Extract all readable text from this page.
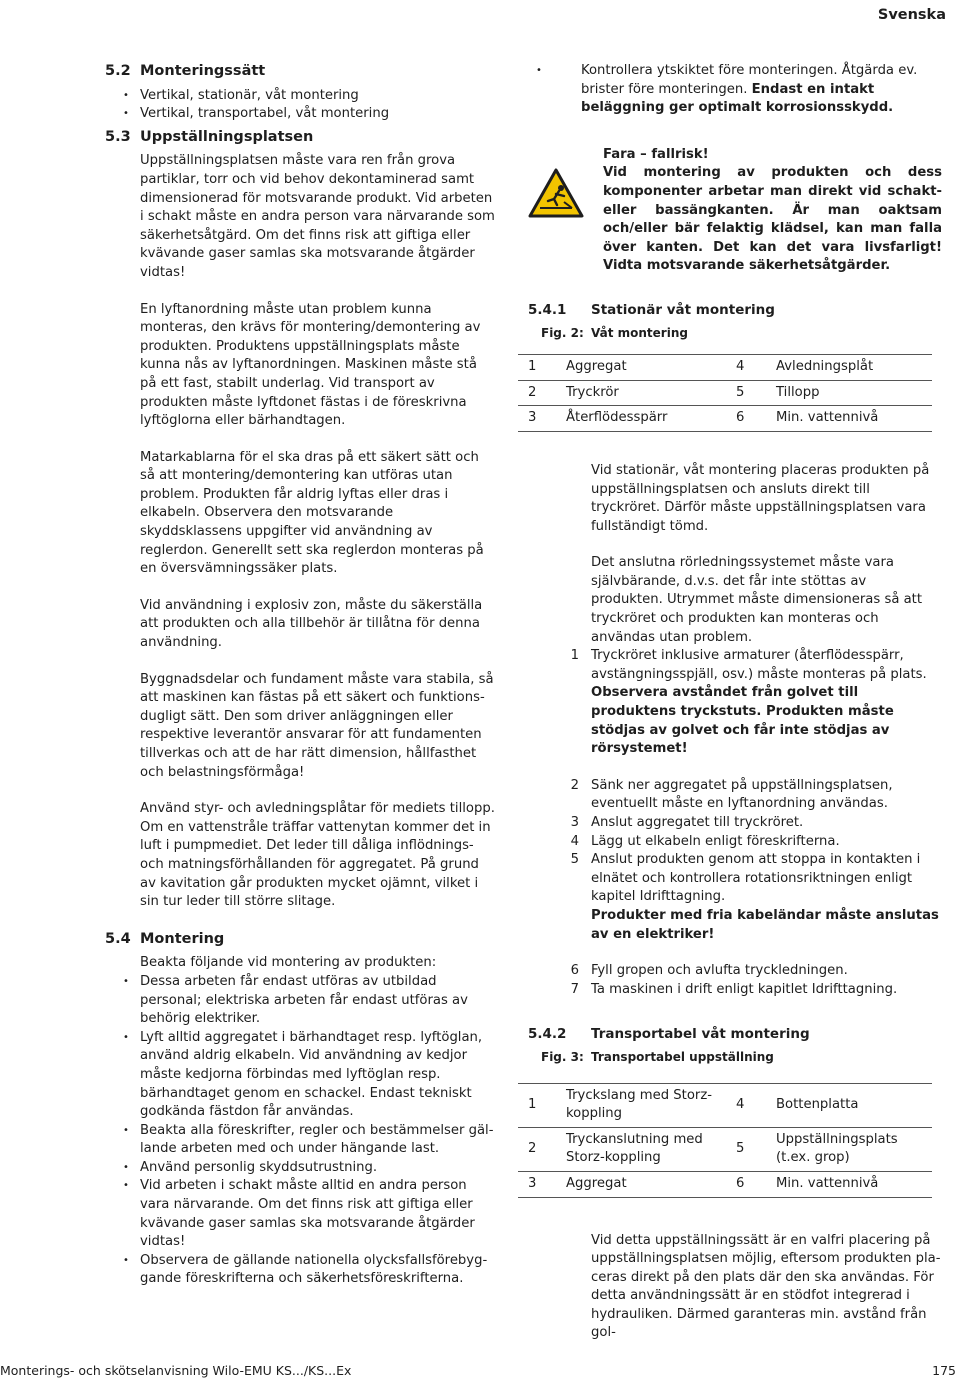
Svenska
5.2 Monteringssätt
• Vertikal, stationär, våt montering
• Vertikal, transportabel, våt montering
5.3 Uppställningsplatsen

Uppställningsplatsen måste vara ren från grova partiklar, torr och vid behov dekontaminerad samt dimensionerad för motsvarande produkt. Vid arbeten i schakt måste en andra person vara närvarande som säkerhetsåtgärd. Om det finns risk att giftiga eller kvävande gaser samlas ska motsvarande åtgärder vidtas!

En lyftanordning måste utan problem kunna monteras, den krävs för montering/demontering av produkten. Produktens uppställningsplats måste kunna nås av lyftanordningen. Maskinen måste stå på ett fast, stabilt underlag. Vid transport av produkten måste lyftdonet fästas i de föreskrivna lyftöglorna eller bärhandtagen.

Matarkablarna för el ska dras på ett säkert sätt och så att montering/demontering kan utföras utan problem. Produkten får aldrig lyftas eller dras i elkabeln. Observera den motsvarande skyddsklassens uppgifter vid användning av reglerdon. Generellt sett ska reglerdon monteras på en översvämningssäker plats.

Vid användning i explosiv zon, måste du säkerställa att produkten och alla tillbehör är tillåtna för denna användning.

Byggnadsdelar och fundament måste vara stabila, så att maskinen kan fästas på ett säkert och funktionsdugligt sätt. Den som driver anläggningen eller respektive leverantör ansvarar för att fundamenten tillverkas och att de har rätt dimension, hållfasthet och belastningsförmåga!

Använd styr- och avledningsplåtar för mediets tillopp. Om en vattenstråle träffar vattenytan kommer det in luft i pumpmediet. Det leder till dåliga inflödnings- och matningsförhållanden för aggregatet. På grund av kavitation går produkten mycket ojämnt, vilket i sin tur leder till större slitage.

5.4 Montering

Beakta följande vid montering av produkten:

• Dessa arbeten får endast utföras av utbildad personal; elektriska arbeten får endast utföras av behörig elektriker.
• Lyft alltid aggregatet i bärhandtaget resp. lyftöglan, använd aldrig elkabeln. Vid användning av kedjor måste kedjorna förbindas med lyftöglan resp. bärhandtaget genom en schackel. Endast tekniskt godkända fästdon får användas.
• Beakta alla föreskrifter, regler och bestämmelser gällande arbeten med och under hängande last.
• Använd personlig skyddsutrustning.
• Vid arbeten i schakt måste alltid en andra person vara närvarande. Om det finns risk att giftiga eller kvävande gaser samlas ska motsvarande åtgärder vidtas!
• Observera de gällande nationella olycksfallsförebyggande föreskrifterna och säkerhetsföreskrifterna.
• Kontrollera ytskiktet före monteringen. Åtgärda ev. brister före monteringen. Endast en intakt beläggning ger optimalt korrosionsskydd.
Fara – fallrisk!
Vid montering av produkten och dess komponenter arbetar man direkt vid schakt- eller bassängkanten. Är man oaktsam och/eller bär felaktig klädsel, kan man falla över kanten. Det kan det vara livsfarligt! Vidta motsvarande säkerhetsåtgärder.
5.4.1	Stationär våt montering
Fig. 2: Våt montering
1	Aggregat	4	Avledningsplåt
2	Tryckrör	5	Tillopp
3	Återflödesspärr	6	Min. vattennivå

Vid stationär, våt montering placeras produkten på uppställningsplatsen och ansluts direkt till tryckröret. Därför måste uppställningsplatsen vara fullständigt tömd.

Det anslutna rörledningssystemet måste vara självbärande, d.v.s. det får inte stöttas av produkten. Utrymmet måste dimensioneras så att tryckröret och produkten kan monteras och användas utan problem.

1 Tryckröret inklusive armaturer (återflödesspärr, avstängningsspjäll, osv.) måste monteras på plats.
Observera avståndet från golvet till produktens tryckstuts. Produkten måste stödjas av golvet och får inte stödjas av rörsystemet!
2 Sänk ner aggregatet på uppställningsplatsen, eventuellt måste en lyftanordning användas.
3 Anslut aggregatet till tryckröret.
4 Lägg ut elkabeln enligt föreskrifterna.
5 Anslut produkten genom att stoppa in kontakten i elnätet och kontrollera rotationsriktningen enligt kapitel Idrifttagning.
Produkter med fria kabeländar måste anslutas av en elektriker!
6 Fyll gropen och avlufta tryckledningen.
7 Ta maskinen i drift enligt kapitlet Idrifttagning.
5.4.2	Transportabel våt montering
Fig. 3: Transportabel uppställning
1	Tryckslang med Storzkoppling	4	Bottenplatta
2	Tryckanslutning med Storz-koppling	5	Uppställningsplats (t.ex. grop)
3	Aggregat	6	Min. vattennivå

Vid detta uppställningssätt är en valfri placering på uppställningsplatsen möjlig, eftersom produkten placeras direkt på den plats där den ska användas. För detta användningssätt är en stödfot integrerad i hydrauliken. Därmed garanteras min. avstånd från gol-

Monterings- och skötselanvisning Wilo-EMU KS.../KS...Ex	175
